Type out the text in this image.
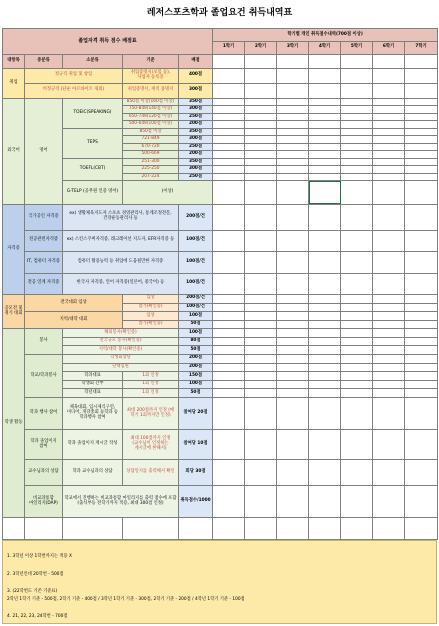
레저스포츠학과 졸업요건 취득내역표
졸업자격 취득 점수 배점표					학기별 개인 취득점수내역(700점 이상)						
					1학기	2학기	3학기	4학기	5학기	6학기	7학기
대항목	중분류	소분류	기준	배점							
취업	정규직 취업 및 창업		취업증명서(보험 등), 사업자 등록증	400점							
	비정규직 (단순 아르바이트 제외)		취업증명서, 재직 증명서	300점							
외국어	영어	TOEIC(SPEAKING)	850점 이상(160점 이상)	350점							
			750-849(140점 이상)	300점							
			650-749(120점 이상)	250점							
			500-649(100점 이상)	200점							
		TEPS	850점 이상	350점							
			721-849	300점							
			670-720	250점							
			500-669	200점							
		TOEFL(CBT)	251-300	350점							
			225-250	300점							
			207-224	250점							
		G-TELP (공무원 인증 영어)	(이상)								
자격증	국가공인 자격증	ex) 생활체육지도자 스포츠 경영관리사, 통계조정전문, 건강운동관리사 등		200점/건							
	전공관련자격증	ex) 스킨스쿠버자격증, 레크레이션 지도자, EFR자격증 등		100점/건							
	IT, 컴퓨터 자격증	컴퓨터 활용능력 등 취업에 도움될만한 자격증		100점/건							
	전공 연계 자격증	한국사 자격증, 언어 자격증(일본어, 중국어) 등		100점/건							
공모전 및 경기 대회	전국대회 입상		입상	200점/건							
			참가(확인증)	100점/건							
	지역/대학 대회		입상	100점							
			참가(확인증)	50점							
학생 활동	봉사	해외봉사(확인증)		100점							
		전국규모 봉사(확인증)		80점							
		지역/대학 봉사(확인증)		50점							
	학교/학과봉사	학생회장단		200점							
		단대임원		200점							
		학과대표	1회 인정	150점							
		학생회 간부	1회 인정	100점							
		학년대표	1회 인정	50점							
	학과 행사 참여	체육대회, 입시제식구연, 미디어, 개강총회 등학과 등 학과행사 참여	최대 200점까지 인정 (매 학기 1회까지만 인정)	참여당 20점							
	학과 졸업이지 참여	학과 졸업이지 계시글 작성	최대 100점까지 인정 (교수님이 인정하는 게시글에 한해서)	참여당 10점							
	교수님과의 상담	학과 교수님과의 상담	상담일지를 출력해서 확인	회당 30점							
	비교과통합 마일리지(DAP)	학교에서 진행하는 비교과통합 마일리지를 출력 점수에 포함(출석부등 전학기까지 적용, 최대 300점 인정)		취득점수/1000							

1. 3학년 이상 1학번까지는 적용 X
2. 3학년인데 20학번 - 500점
3. (22학번도 기존 기준표)
2학년 1학기 기준 - 500점, 2학기 기준 - 400점 / 3학년 1학기 기준 - 300점, 2학기 기준 - 200점 / 4학년 1학기 기준 - 100점
4. 21, 22, 23, 24학번 - 700점
